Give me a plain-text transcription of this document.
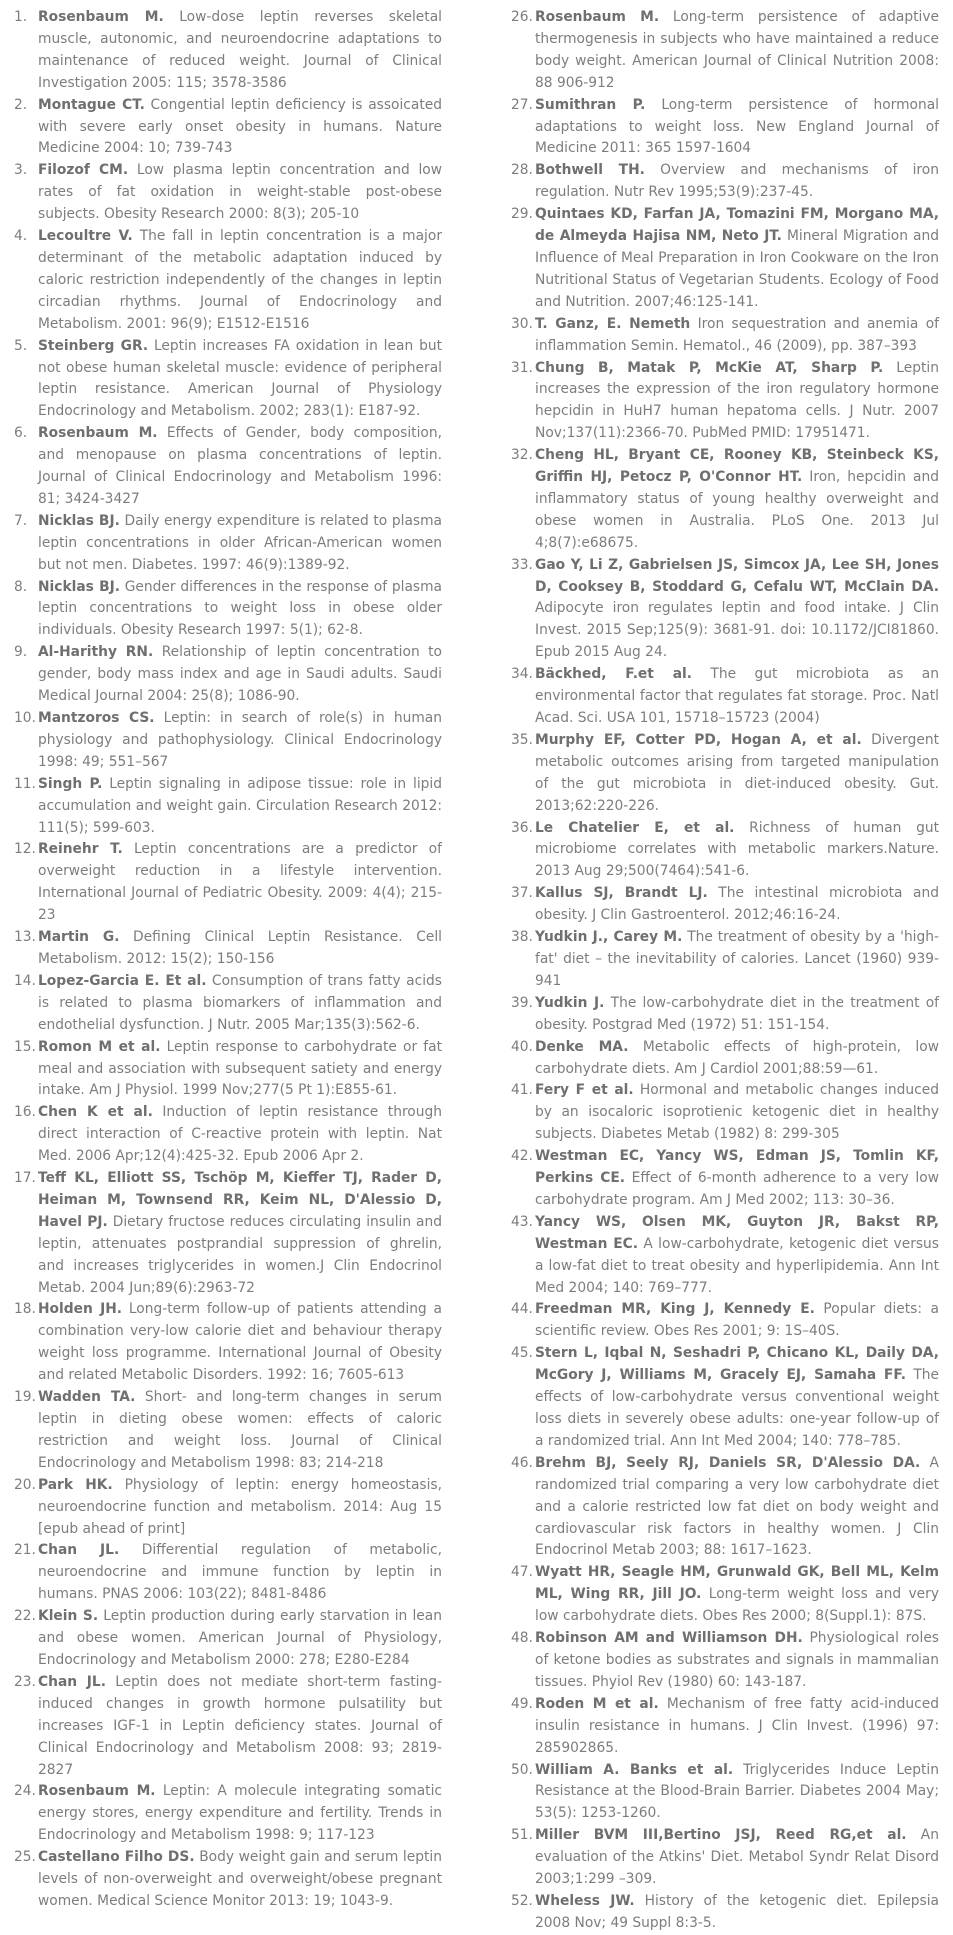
1. Rosenbaum M. Low-dose leptin reverses skeletal muscle, autonomic, and neuroendocrine adaptations to maintenance of reduced weight. Journal of Clinical Investigation 2005: 115; 3578-3586
2. Montague CT. Congential leptin deficiency is assoicated with severe early onset obesity in humans. Nature Medicine 2004: 10; 739-743
3. Filozof CM. Low plasma leptin concentration and low rates of fat oxidation in weight-stable post-obese subjects. Obesity Research 2000: 8(3); 205-10
4. Lecoultre V. The fall in leptin concentration is a major determinant of the metabolic adaptation induced by caloric restriction independently of the changes in leptin circadian rhythms. Journal of Endocrinology and Metabolism. 2001: 96(9); E1512-E1516
5. Steinberg GR. Leptin increases FA oxidation in lean but not obese human skeletal muscle: evidence of peripheral leptin resistance. American Journal of Physiology Endocrinology and Metabolism. 2002; 283(1): E187-92.
6. Rosenbaum M. Effects of Gender, body composition, and menopause on plasma concentrations of leptin. Journal of Clinical Endocrinology and Metabolism 1996: 81; 3424-3427
7. Nicklas BJ. Daily energy expenditure is related to plasma leptin concentrations in older African-American women but not men. Diabetes. 1997: 46(9):1389-92.
8. Nicklas BJ. Gender differences in the response of plasma leptin concentrations to weight loss in obese older individuals. Obesity Research 1997: 5(1); 62-8.
9. Al-Harithy RN. Relationship of leptin concentration to gender, body mass index and age in Saudi adults. Saudi Medical Journal 2004: 25(8); 1086-90.
10. Mantzoros CS. Leptin: in search of role(s) in human physiology and pathophysiology. Clinical Endocrinology 1998: 49; 551–567
11. Singh P. Leptin signaling in adipose tissue: role in lipid accumulation and weight gain. Circulation Research 2012: 111(5); 599-603.
12. Reinehr T. Leptin concentrations are a predictor of overweight reduction in a lifestyle intervention. International Journal of Pediatric Obesity. 2009: 4(4); 215-23
13. Martin G. Defining Clinical Leptin Resistance. Cell Metabolism. 2012: 15(2); 150-156
14. Lopez-Garcia E. Et al. Consumption of trans fatty acids is related to plasma biomarkers of inflammation and endothelial dysfunction. J Nutr. 2005 Mar;135(3):562-6.
15. Romon M et al. Leptin response to carbohydrate or fat meal and association with subsequent satiety and energy intake. Am J Physiol. 1999 Nov;277(5 Pt 1):E855-61.
16. Chen K et al. Induction of leptin resistance through direct interaction of C-reactive protein with leptin. Nat Med. 2006 Apr;12(4):425-32. Epub 2006 Apr 2.
17. Teff KL, Elliott SS, Tschöp M, Kieffer TJ, Rader D, Heiman M, Townsend RR, Keim NL, D'Alessio D, Havel PJ. Dietary fructose reduces circulating insulin and leptin, attenuates postprandial suppression of ghrelin, and increases triglycerides in women.J Clin Endocrinol Metab. 2004 Jun;89(6):2963-72
18. Holden JH. Long-term follow-up of patients attending a combination very-low calorie diet and behaviour therapy weight loss programme. International Journal of Obesity and related Metabolic Disorders. 1992: 16; 7605-613
19. Wadden TA. Short- and long-term changes in serum leptin in dieting obese women: effects of caloric restriction and weight loss. Journal of Clinical Endocrinology and Metabolism 1998: 83; 214-218
20. Park HK. Physiology of leptin: energy homeostasis, neuroendocrine function and metabolism. 2014: Aug 15 [epub ahead of print]
21. Chan JL. Differential regulation of metabolic, neuroendocrine and immune function by leptin in humans. PNAS 2006: 103(22); 8481-8486
22. Klein S. Leptin production during early starvation in lean and obese women. American Journal of Physiology, Endocrinology and Metabolism 2000: 278; E280-E284
23. Chan JL. Leptin does not mediate short-term fasting-induced changes in growth hormone pulsatility but increases IGF-1 in Leptin deficiency states. Journal of Clinical Endocrinology and Metabolism 2008: 93; 2819-2827
24. Rosenbaum M. Leptin: A molecule integrating somatic energy stores, energy expenditure and fertility. Trends in Endocrinology and Metabolism 1998: 9; 117-123
25. Castellano Filho DS. Body weight gain and serum leptin levels of non-overweight and overweight/obese pregnant women. Medical Science Monitor 2013: 19; 1043-9.
26. Rosenbaum M. Long-term persistence of adaptive thermogenesis in subjects who have maintained a reduce body weight. American Journal of Clinical Nutrition 2008: 88 906-912
27. Sumithran P. Long-term persistence of hormonal adaptations to weight loss. New England Journal of Medicine 2011: 365 1597-1604
28. Bothwell TH. Overview and mechanisms of iron regulation. Nutr Rev 1995;53(9):237-45.
29. Quintaes KD, Farfan JA, Tomazini FM, Morgano MA, de Almeyda Hajisa NM, Neto JT. Mineral Migration and Influence of Meal Preparation in Iron Cookware on the Iron Nutritional Status of Vegetarian Students. Ecology of Food and Nutrition. 2007;46:125-141.
30. T. Ganz, E. Nemeth Iron sequestration and anemia of inflammation Semin. Hematol., 46 (2009), pp. 387–393
31. Chung B, Matak P, McKie AT, Sharp P. Leptin increases the expression of the iron regulatory hormone hepcidin in HuH7 human hepatoma cells. J Nutr. 2007 Nov;137(11):2366-70. PubMed PMID: 17951471.
32. Cheng HL, Bryant CE, Rooney KB, Steinbeck KS, Griffin HJ, Petocz P, O'Connor HT. Iron, hepcidin and inflammatory status of young healthy overweight and obese women in Australia. PLoS One. 2013 Jul 4;8(7):e68675.
33. Gao Y, Li Z, Gabrielsen JS, Simcox JA, Lee SH, Jones D, Cooksey B, Stoddard G, Cefalu WT, McClain DA. Adipocyte iron regulates leptin and food intake. J Clin Invest. 2015 Sep;125(9): 3681-91. doi: 10.1172/JCI81860. Epub 2015 Aug 24.
34. Bäckhed, F.et al. The gut microbiota as an environmental factor that regulates fat storage. Proc. Natl Acad. Sci. USA 101, 15718–15723 (2004)
35. Murphy EF, Cotter PD, Hogan A, et al. Divergent metabolic outcomes arising from targeted manipulation of the gut microbiota in diet-induced obesity. Gut. 2013;62:220-226.
36. Le Chatelier E, et al. Richness of human gut microbiome correlates with metabolic markers.Nature. 2013 Aug 29;500(7464):541-6.
37. Kallus SJ, Brandt LJ. The intestinal microbiota and obesity. J Clin Gastroenterol. 2012;46:16-24.
38. Yudkin J., Carey M. The treatment of obesity by a 'high-fat' diet – the inevitability of calories. Lancet (1960) 939-941
39. Yudkin J. The low-carbohydrate diet in the treatment of obesity. Postgrad Med (1972) 51: 151-154.
40. Denke MA. Metabolic effects of high-protein, low carbohydrate diets. Am J Cardiol 2001;88:59—61.
41. Fery F et al. Hormonal and metabolic changes induced by an isocaloric isoprotienic ketogenic diet in healthy subjects. Diabetes Metab (1982) 8: 299-305
42. Westman EC, Yancy WS, Edman JS, Tomlin KF, Perkins CE. Effect of 6-month adherence to a very low carbohydrate program. Am J Med 2002; 113: 30–36.
43. Yancy WS, Olsen MK, Guyton JR, Bakst RP, Westman EC. A low-carbohydrate, ketogenic diet versus a low-fat diet to treat obesity and hyperlipidemia. Ann Int Med 2004; 140: 769–777.
44. Freedman MR, King J, Kennedy E. Popular diets: a scientific review. Obes Res 2001; 9: 1S–40S.
45. Stern L, Iqbal N, Seshadri P, Chicano KL, Daily DA, McGory J, Williams M, Gracely EJ, Samaha FF. The effects of low-carbohydrate versus conventional weight loss diets in severely obese adults: one-year follow-up of a randomized trial. Ann Int Med 2004; 140: 778–785.
46. Brehm BJ, Seely RJ, Daniels SR, D'Alessio DA. A randomized trial comparing a very low carbohydrate diet and a calorie restricted low fat diet on body weight and cardiovascular risk factors in healthy women. J Clin Endocrinol Metab 2003; 88: 1617–1623.
47. Wyatt HR, Seagle HM, Grunwald GK, Bell ML, Kelm ML, Wing RR, Jill JO. Long-term weight loss and very low carbohydrate diets. Obes Res 2000; 8(Suppl.1): 87S.
48. Robinson AM and Williamson DH. Physiological roles of ketone bodies as substrates and signals in mammalian tissues. Phyiol Rev (1980) 60: 143-187.
49. Roden M et al. Mechanism of free fatty acid-induced insulin resistance in humans. J Clin Invest. (1996) 97: 285902865.
50. William A. Banks et al. Triglycerides Induce Leptin Resistance at the Blood-Brain Barrier. Diabetes 2004 May; 53(5): 1253-1260.
51. Miller BVM III,Bertino JSJ, Reed RG,et al. An evaluation of the Atkins' Diet. Metabol Syndr Relat Disord 2003;1:299 –309.
52. Wheless JW. History of the ketogenic diet. Epilepsia 2008 Nov; 49 Suppl 8:3-5.
